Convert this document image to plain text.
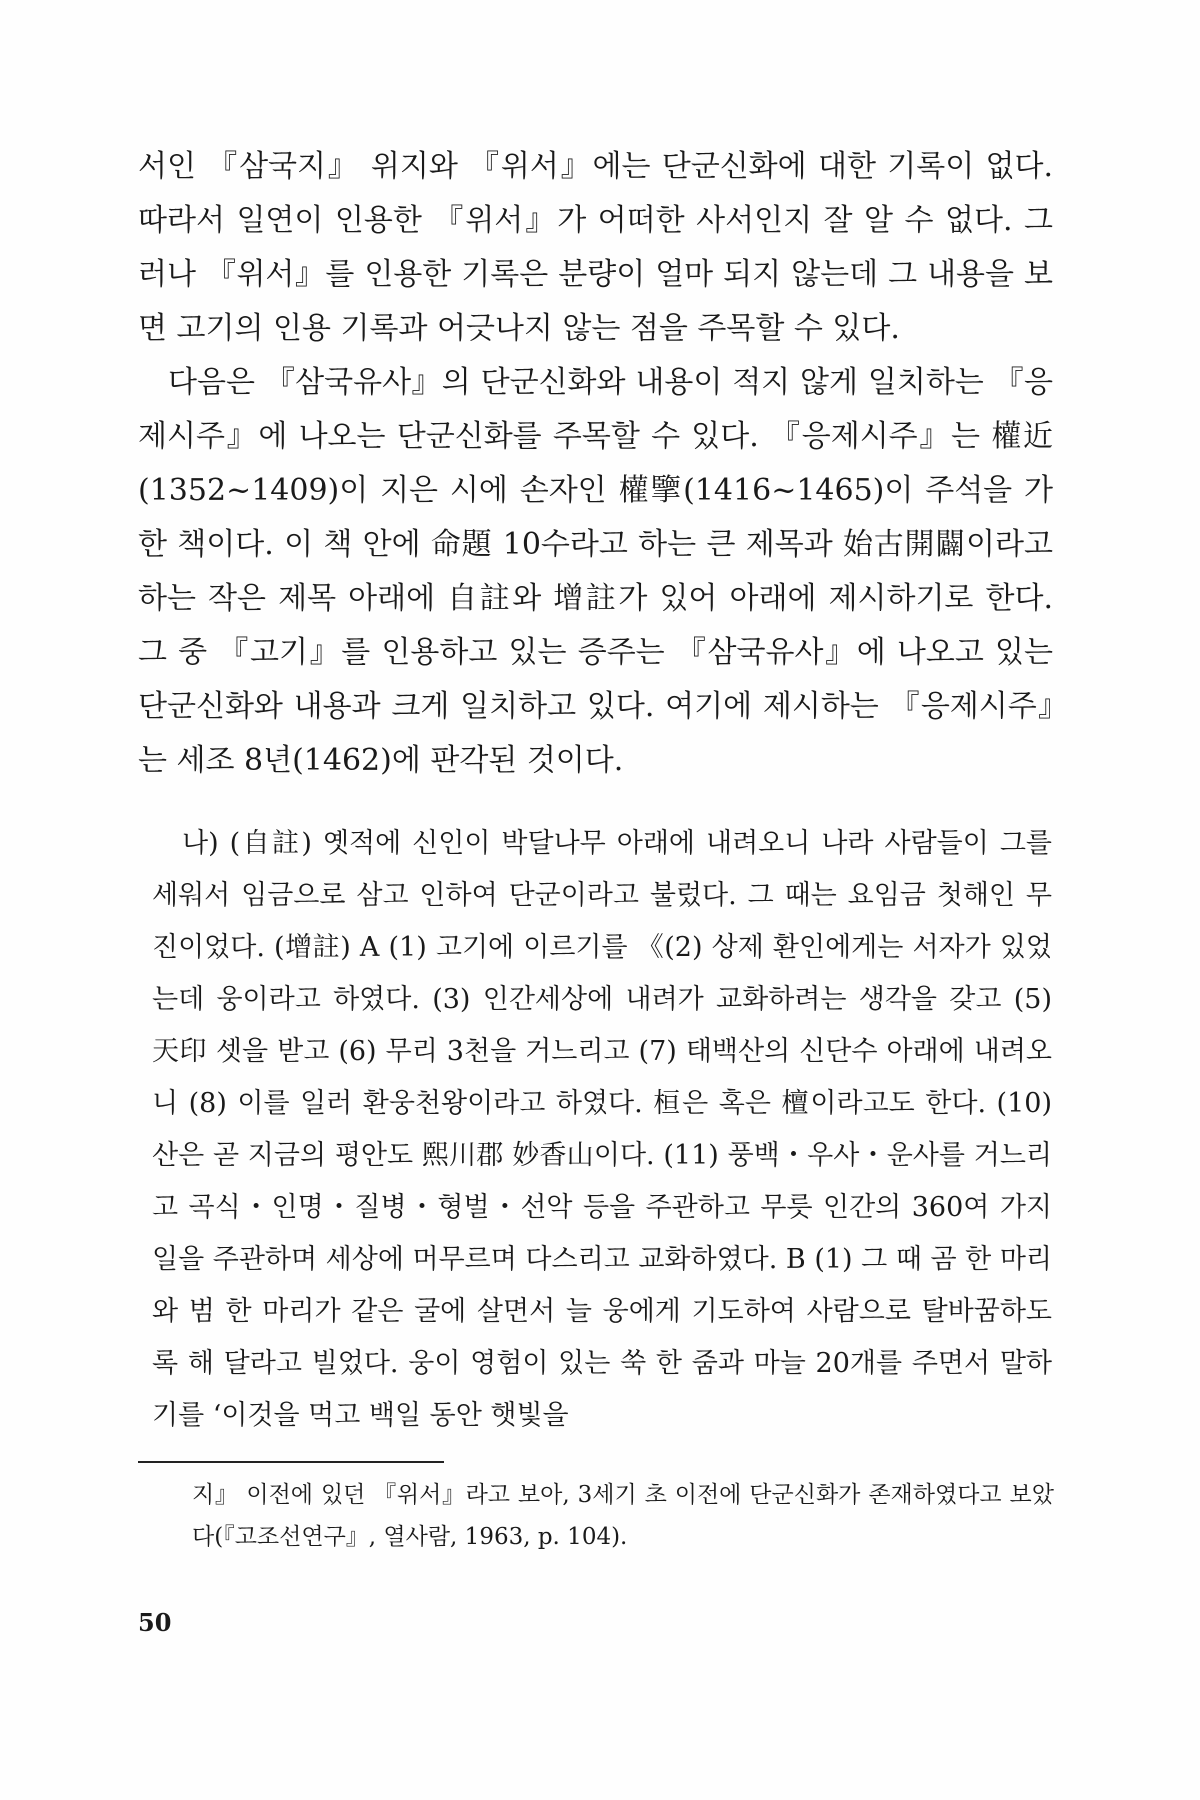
서인 『삼국지』 위지와 『위서』에는 단군신화에 대한 기록이 없다. 따라서 일연이 인용한 『위서』가 어떠한 사서인지 잘 알 수 없다. 그러나 『위서』를 인용한 기록은 분량이 얼마 되지 않는데 그 내용을 보면 고기의 인용 기록과 어긋나지 않는 점을 주목할 수 있다.

다음은 『삼국유사』의 단군신화와 내용이 적지 않게 일치하는 『응제시주』에 나오는 단군신화를 주목할 수 있다. 『응제시주』는 權近(1352~1409)이 지은 시에 손자인 權擥(1416~1465)이 주석을 가한 책이다. 이 책 안에 命題 10수라고 하는 큰 제목과 始古開闢이라고 하는 작은 제목 아래에 自註와 增註가 있어 아래에 제시하기로 한다. 그 중 『고기』를 인용하고 있는 증주는 『삼국유사』에 나오고 있는 단군신화와 내용과 크게 일치하고 있다. 여기에 제시하는 『응제시주』는 세조 8년(1462)에 판각된 것이다.

나) (自註) 옛적에 신인이 박달나무 아래에 내려오니 나라 사람들이 그를 세워서 임금으로 삼고 인하여 단군이라고 불렀다. 그 때는 요임금 첫해인 무진이었다. (增註) A (1) 고기에 이르기를 《(2) 상제 환인에게는 서자가 있었는데 웅이라고 하였다. (3) 인간세상에 내려가 교화하려는 생각을 갖고 (5) 天印 셋을 받고 (6) 무리 3천을 거느리고 (7) 태백산의 신단수 아래에 내려오니 (8) 이를 일러 환웅천왕이라고 하였다. 桓은 혹은 檀이라고도 한다. (10) 산은 곧 지금의 평안도 熙川郡 妙香山이다. (11) 풍백・우사・운사를 거느리고 곡식・인명・질병・형벌・선악 등을 주관하고 무릇 인간의 360여 가지 일을 주관하며 세상에 머무르며 다스리고 교화하였다. B (1) 그 때 곰 한 마리와 범 한 마리가 같은 굴에 살면서 늘 웅에게 기도하여 사람으로 탈바꿈하도록 해 달라고 빌었다. 웅이 영험이 있는 쑥 한 줌과 마늘 20개를 주면서 말하기를 ‘이것을 먹고 백일 동안 햇빛을
지』 이전에 있던 『위서』라고 보아, 3세기 초 이전에 단군신화가 존재하였다고 보았다(『고조선연구』, 열사람, 1963, p. 104).
50
